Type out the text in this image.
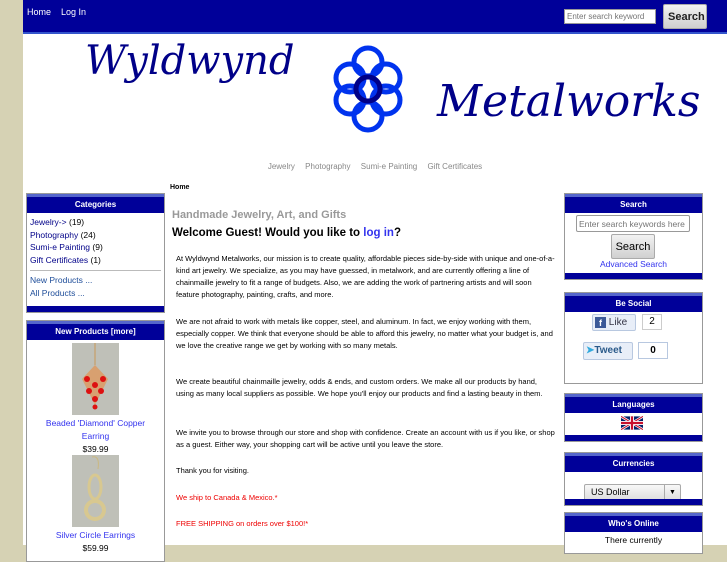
Home Log In
Enter search keyword	Search
Wyldwynd
Metalworks
Jewelry Photography Sumi-e Painting Gift Certificates
Home
Categories
Jewelry-> (19)
Photography (24)
Sumi-e Painting (9)
Gift Certificates (1)
New Products ...
All Products ...
New Products [more]
Beaded 'Diamond' Copper Earring
$39.99
Silver Circle Earrings
$59.99
Handmade Jewelry, Art, and Gifts
Welcome Guest! Would you like to log in?

At Wyldwynd Metalworks, our mission is to create quality, affordable pieces side-by-side with unique and one-of-a-kind art jewelry. We specialize, as you may have guessed, in metalwork, and are currently offering a line of chainmaille jewelry to fit a range of budgets. Also, we are adding the work of partnering artists and will soon feature photography, painting, crafts, and more.

We are not afraid to work with metals like copper, steel, and aluminum. In fact, we enjoy working with them, especially copper. We think that everyone should be able to afford this jewelry, no matter what your budget is, and we love the creative range we get by working with so many metals.

We create beautiful chainmaille jewelry, odds & ends, and custom orders. We make all our products by hand, using as many local suppliers as possible. We hope you'll enjoy our products and find a lasting beauty in them.

We invite you to browse through our store and shop with confidence. Create an account with us if you like, or shop as a guest. Either way, your shopping cart will be active until you leave the store.

Thank you for visiting.

We ship to Canada & Mexico.*

FREE SHIPPING on orders over $100!*

Search
Enter search keywords here
Search
Advanced Search
Be Social
f Like	2
➤Tweet	0
Languages
Currencies
US Dollar	▼
Who's Online
There currently
